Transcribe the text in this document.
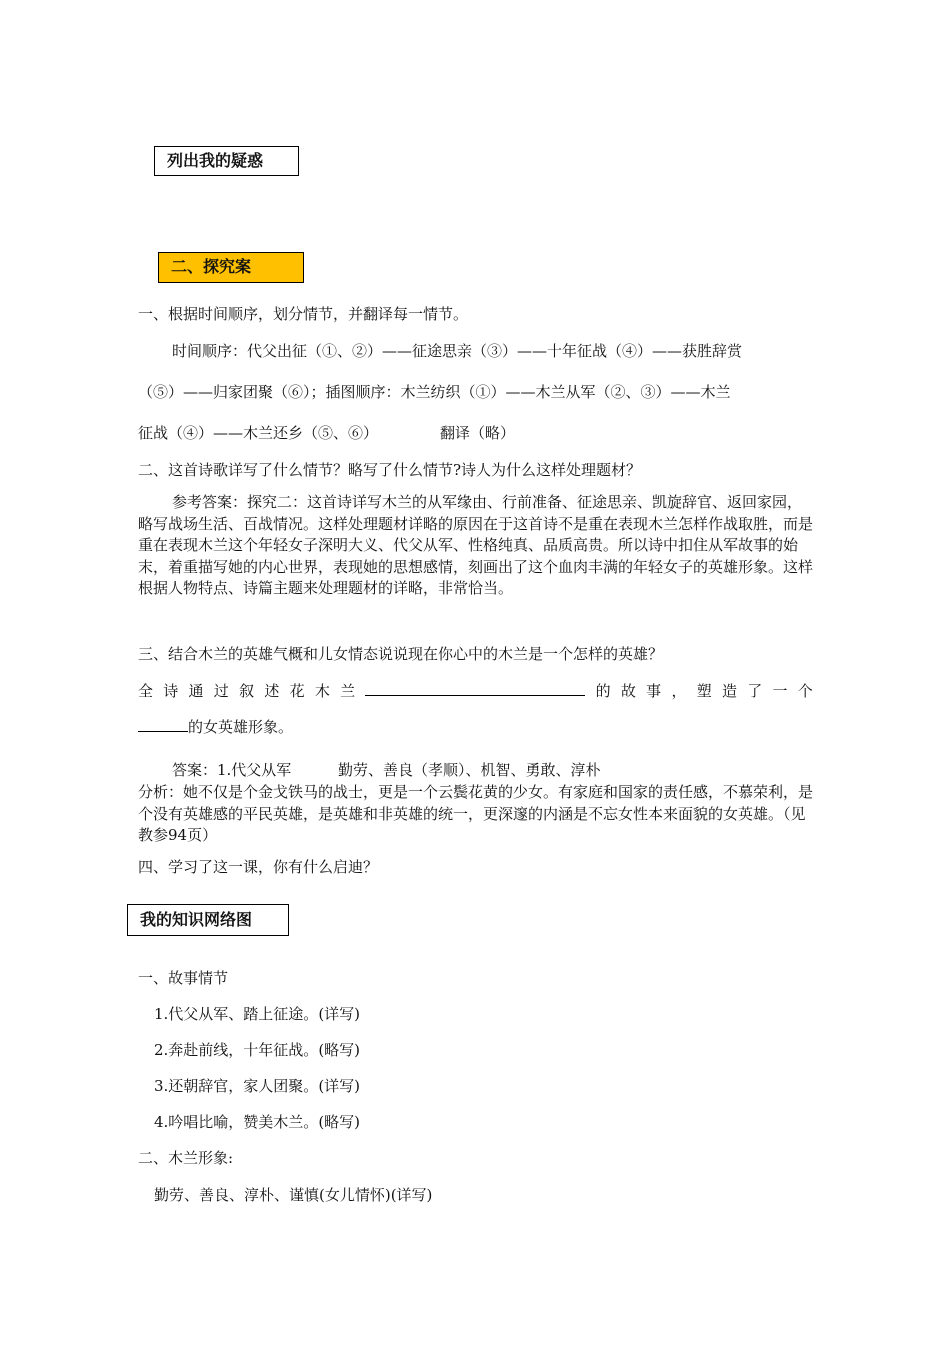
列出我的疑惑
二、探究案
一、根据时间顺序，划分情节，并翻译每一情节。
时间顺序：代父出征（①、②）——征途思亲（③）——十年征战（④）——获胜辞赏
（⑤）——归家团聚（⑥）；插图顺序：木兰纺织（①）——木兰从军（②、③）——木兰
征战（④）——木兰还乡（⑤、⑥）	翻译（略）
二、这首诗歌详写了什么情节？略写了什么情节?诗人为什么这样处理题材？
参考答案：探究二：这首诗详写木兰的从军缘由、行前准备、征途思亲、凯旋辞官、返回家园，略写战场生活、百战情况。这样处理题材详略的原因在于这首诗不是重在表现木兰怎样作战取胜，而是重在表现木兰这个年轻女子深明大义、代父从军、性格纯真、品质高贵。所以诗中扣住从军故事的始末，着重描写她的内心世界，表现她的思想感情，刻画出了这个血肉丰满的年轻女子的英雄形象。这样根据人物特点、诗篇主题来处理题材的详略，非常恰当。
三、结合木兰的英雄气概和儿女情态说说现在你心中的木兰是一个怎样的英雄？
全 诗 通 过 叙 述 花 木 兰	的 故 事 ， 塑 造 了 一 个
的女英雄形象。
答案：1.代父从军	勤劳、善良（孝顺）、机智、勇敢、淳朴
分析：她不仅是个金戈铁马的战士，更是一个云鬓花黄的少女。有家庭和国家的责任感，不慕荣利，是个没有英雄感的平民英雄，是英雄和非英雄的统一，更深邃的内涵是不忘女性本来面貌的女英雄。（见教参94页）
四、学习了这一课，你有什么启迪？
我的知识网络图
一、故事情节
1.代父从军、踏上征途。(详写)
2.奔赴前线，十年征战。(略写)
3.还朝辞官，家人团聚。(详写)
4.吟唱比喻，赞美木兰。(略写)
二、木兰形象:
勤劳、善良、淳朴、谨慎(女儿情怀)(详写)
